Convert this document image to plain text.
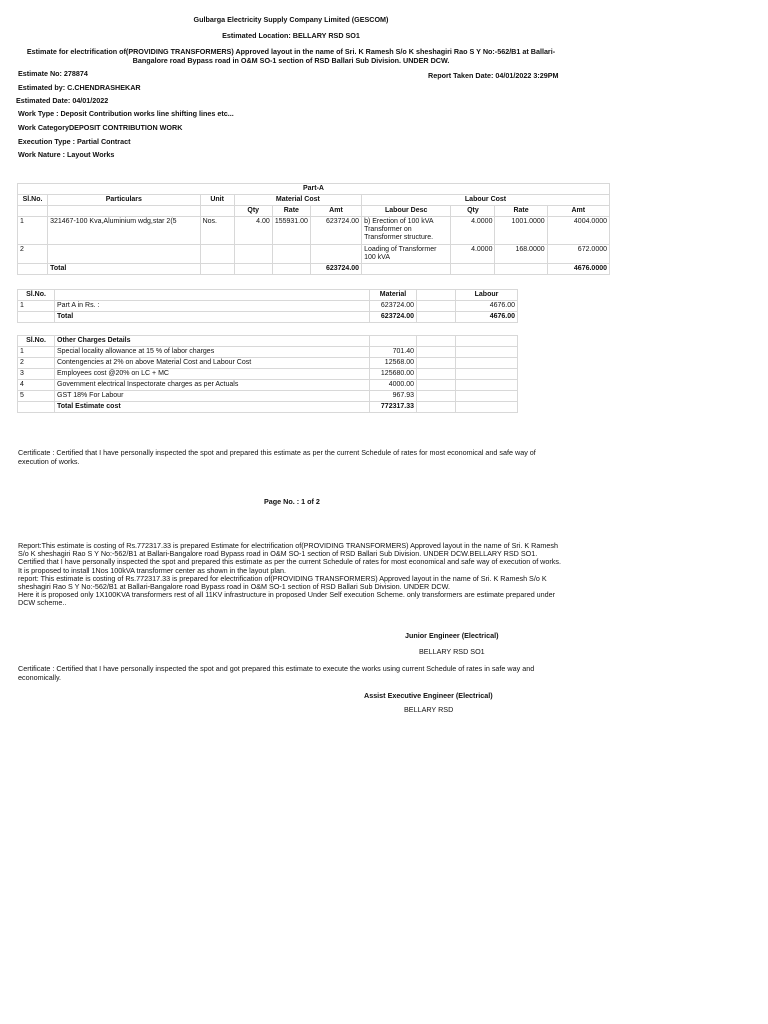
Gulbarga Electricity Supply Company Limited (GESCOM)
Estimated Location: BELLARY RSD SO1
Estimate for electrification of(PROVIDING TRANSFORMERS) Approved layout in the name of Sri. K Ramesh S/o K sheshagiri Rao S Y No:-562/B1 at Ballari-
Bangalore road Bypass road in O&M SO-1 section of RSD Ballari Sub Division. UNDER DCW.
Estimate No: 278874	Report Taken Date: 04/01/2022 3:29PM
Estimated by: C.CHENDRASHEKAR
Estimated Date: 04/01/2022
Work Type : Deposit Contribution works line shifting lines etc...
Work CategoryDEPOSIT CONTRIBUTION WORK
Execution Type : Partial Contract
Work Nature : Layout Works
Part-A									
Sl.No.	Particulars	Unit	Material Cost			Labour Cost			
			Qty	Rate	Amt	Labour Desc	Qty	Rate	Amt
1	321467-100 Kva,Aluminium wdg,star 2(5	Nos.	4.00	155931.00	623724.00	b) Erection of 100 kVA Transformer on Transformer structure.	4.0000	1001.0000	4004.0000
2						Loading of Transformer 100 kVA	4.0000	168.0000	672.0000
	Total				623724.00				4676.0000
Sl.No.		Material		Labour
1	Part A in Rs. :	623724.00		4676.00
	Total	623724.00		4676.00
Sl.No.	Other Charges Details			
1	Special locality allowance at 15 % of labor charges	701.40		
2	Contengencies at 2% on above Material Cost and Labour Cost	12568.00		
3	Employees cost @20% on LC + MC	125680.00		
4	Government electrical Inspectorate charges as per Actuals	4000.00		
5	GST 18% For Labour	967.93		
	Total Estimate cost	772317.33		
Certificate : Certified that I have personally inspected the spot and prepared this estimate as per the current Schedule of rates for most economical and safe way of execution of works.
Page No. : 1 of 2

Report:This estimate is costing of Rs.772317.33 is prepared Estimate for electrification of(PROVIDING TRANSFORMERS) Approved layout in the name of Sri. K Ramesh S/o K sheshagiri Rao S Y No:-562/B1 at Ballari-Bangalore road Bypass road in O&M SO-1 section of RSD Ballari Sub Division. UNDER DCW.BELLARY RSD SO1.

Certified that I have personally inspected the spot and prepared this estimate as per the current Schedule of rates for most economical and safe way of execution of works.

It is proposed to install 1Nos 100kVA transformer center as shown in the layout plan.

report: This estimate is costing of Rs.772317.33 is prepared for electrification of(PROVIDING TRANSFORMERS) Approved layout in the name of Sri. K Ramesh S/o K sheshagiri Rao S Y No:-562/B1 at Ballari-Bangalore road Bypass road in O&M SO-1 section of RSD Ballari Sub Division. UNDER DCW.

Here it is proposed only 1X100KVA transformers rest of all 11KV infrastructure in proposed Under Self execution Scheme. only transformers are estimate prepared under DCW scheme..

Junior Engineer (Electrical)
BELLARY RSD SO1
Certificate : Certified that I have personally inspected the spot and got prepared this estimate to execute the works using current Schedule of rates in safe way and economically.
Assist Executive Engineer (Electrical)
BELLARY RSD
